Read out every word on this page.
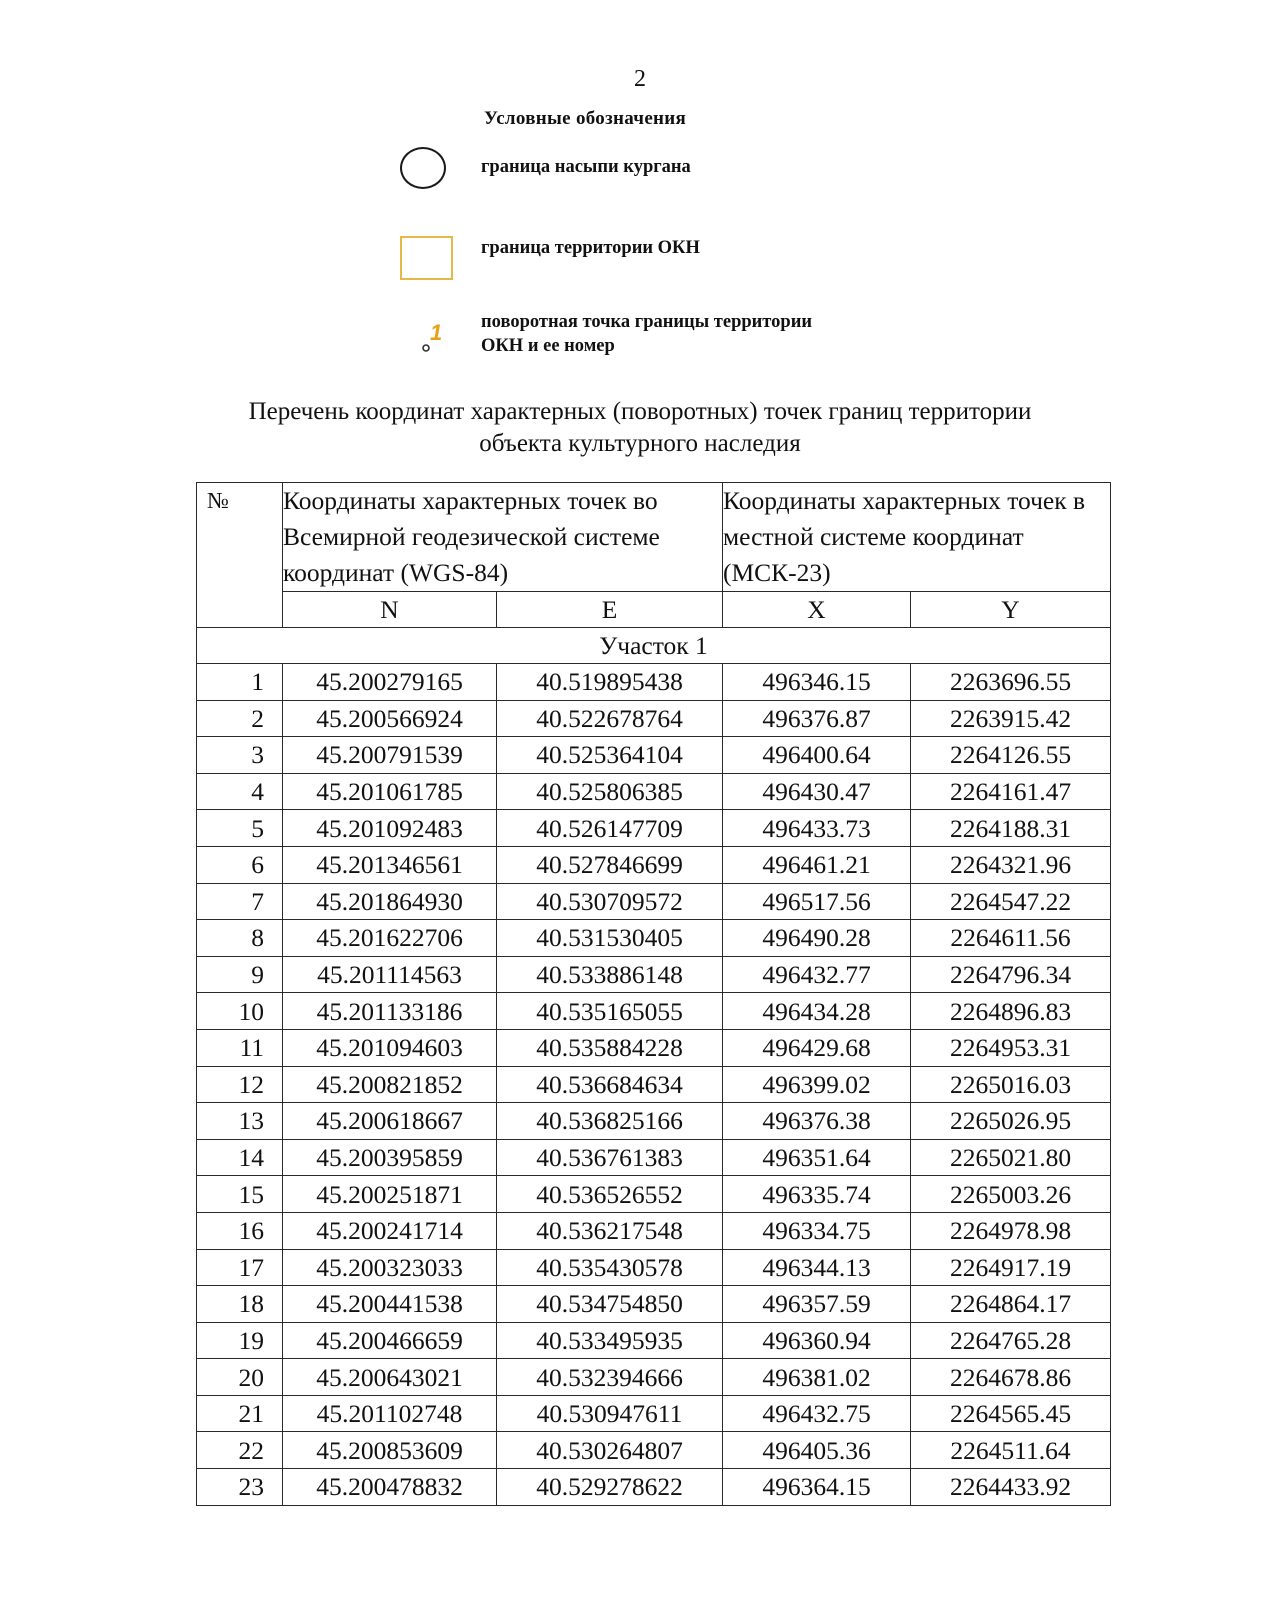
2
Условные обозначения
граница насыпи кургана
граница территории ОКН
1 поворотная точка границы территории
ОКН и ее номер
Перечень координат характерных (поворотных) точек границ территории
объекта культурного наследия
№	Координаты характерных точек во Всемирной геодезической системе координат (WGS-84)		Координаты характерных точек в местной системе координат (МСК-23)	
	N	E	X	Y
Участок 1				
1	45.200279165	40.519895438	496346.15	2263696.55
2	45.200566924	40.522678764	496376.87	2263915.42
3	45.200791539	40.525364104	496400.64	2264126.55
4	45.201061785	40.525806385	496430.47	2264161.47
5	45.201092483	40.526147709	496433.73	2264188.31
6	45.201346561	40.527846699	496461.21	2264321.96
7	45.201864930	40.530709572	496517.56	2264547.22
8	45.201622706	40.531530405	496490.28	2264611.56
9	45.201114563	40.533886148	496432.77	2264796.34
10	45.201133186	40.535165055	496434.28	2264896.83
11	45.201094603	40.535884228	496429.68	2264953.31
12	45.200821852	40.536684634	496399.02	2265016.03
13	45.200618667	40.536825166	496376.38	2265026.95
14	45.200395859	40.536761383	496351.64	2265021.80
15	45.200251871	40.536526552	496335.74	2265003.26
16	45.200241714	40.536217548	496334.75	2264978.98
17	45.200323033	40.535430578	496344.13	2264917.19
18	45.200441538	40.534754850	496357.59	2264864.17
19	45.200466659	40.533495935	496360.94	2264765.28
20	45.200643021	40.532394666	496381.02	2264678.86
21	45.201102748	40.530947611	496432.75	2264565.45
22	45.200853609	40.530264807	496405.36	2264511.64
23	45.200478832	40.529278622	496364.15	2264433.92
